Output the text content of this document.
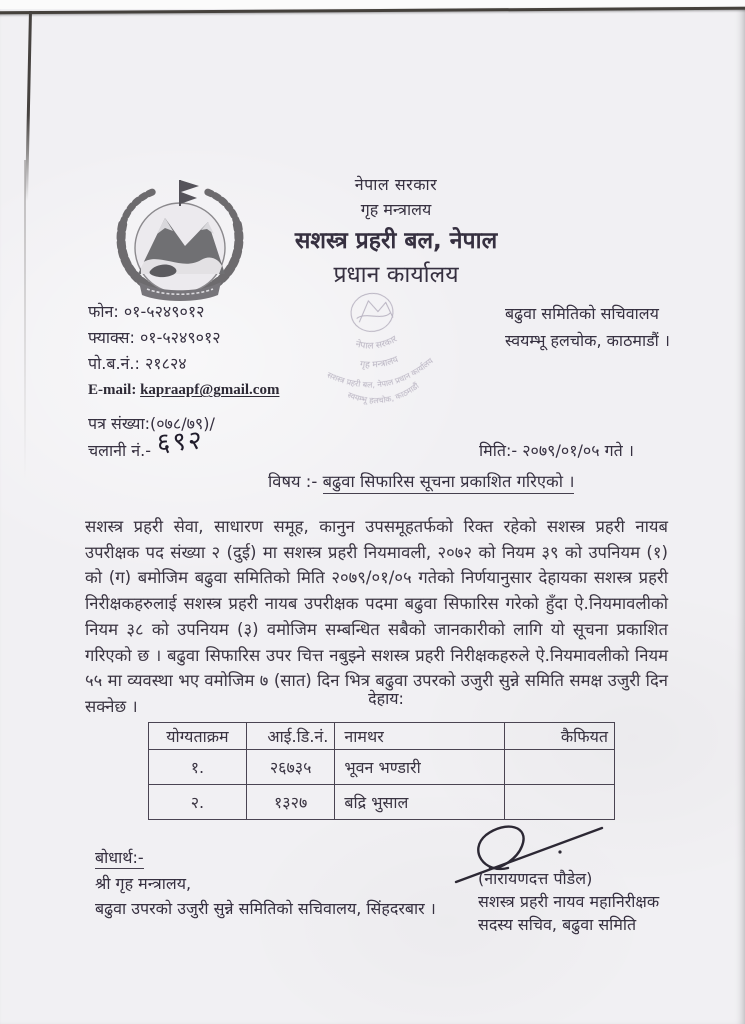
नेपाल सरकार
गृह मन्त्रालय
सशस्त्र प्रहरी बल, नेपाल
प्रधान कार्यालय
नेपाल सरकार
गृह मन्त्रालय
सशस्त्र प्रहरी बल, नेपाल प्रधान कार्यालय
स्वयम्भू हलचोक, काठमाडौं
फोन: ०१-५२४९०१२
फ्याक्स: ०१-५२४९०१२
पो.ब.नं.: २१८२४
E-mail: kapraapf@gmail.com
बढुवा समितिको सचिवालय
स्वयम्भू हलचोक, काठमाडौं ।
पत्र संख्या:(०७८/७९)/
चलानी नं.- ६९२	मिति:- २०७९/०१/०५ गते ।
विषय :- बढुवा सिफारिस सूचना प्रकाशित गरिएको ।
सशस्त्र प्रहरी सेवा, साधारण समूह, कानुन उपसमूहतर्फको रिक्त रहेको सशस्त्र प्रहरी नायब उपरीक्षक पद संख्या २ (दुई) मा सशस्त्र प्रहरी नियमावली, २०७२ को नियम ३९ को उपनियम (१) को (ग) बमोजिम बढुवा समितिको मिति २०७९/०१/०५ गतेको निर्णयानुसार देहायका सशस्त्र प्रहरी निरीक्षकहरुलाई सशस्त्र प्रहरी नायब उपरीक्षक पदमा बढुवा सिफारिस गरेको हुँदा ऐ.नियमावलीको नियम ३८ को उपनियम (३) वमोजिम सम्बन्धित सबैको जानकारीको लागि यो सूचना प्रकाशित गरिएको छ । बढुवा सिफारिस उपर चित्त नबुझ्ने सशस्त्र प्रहरी निरीक्षकहरुले ऐ.नियमावलीको नियम ५५ मा व्यवस्था भए वमोजिम ७ (सात) दिन भित्र बढुवा उपरको उजुरी सुन्ने समिति समक्ष उजुरी दिन सक्नेछ ।	देहाय:
योग्यताक्रम	आई.डि.नं.	नामथर	कैफियत
१.	२६७३५	भूवन भण्डारी	
२.	१३२७	बद्रि भुसाल	
बोधार्थ:-
श्री गृह मन्त्रालय,
बढुवा उपरको उजुरी सुन्ने समितिको सचिवालय, सिंहदरबार ।
(नारायणदत्त पौडेल)
सशस्त्र प्रहरी नायव महानिरीक्षक
सदस्य सचिव, बढुवा समिति
